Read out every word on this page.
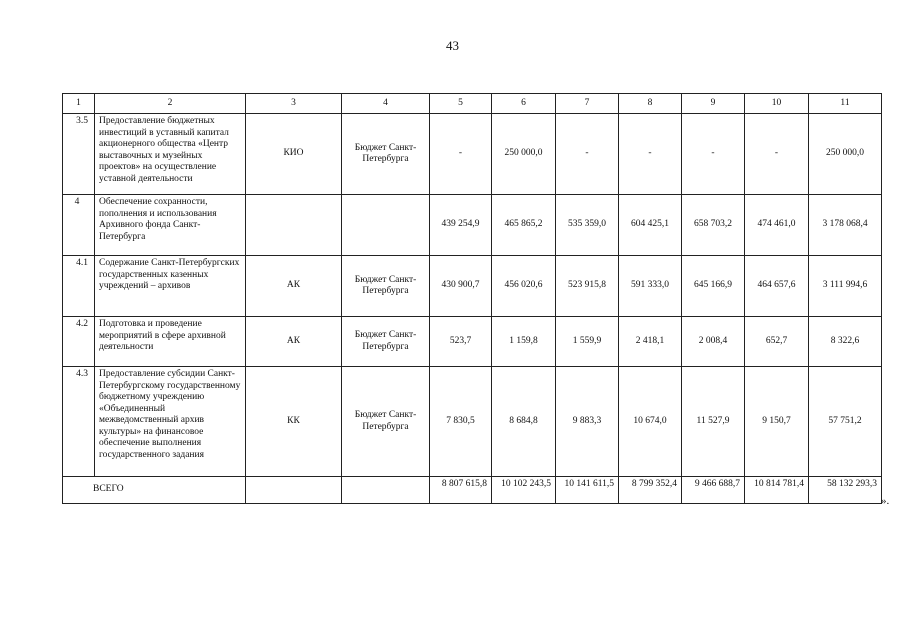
43
1	2	3	4	5	6	7	8	9	10	11
3.5	Предоставление бюджетных инвестиций в уставный капитал акционерного общества «Центр выставочных и музейных проектов» на осуществление уставной деятельности	КИО	Бюджет Санкт-Петербурга	-	250 000,0	-	-	-	-	250 000,0
4	Обеспечение сохранности, пополнения и использования Архивного фонда Санкт-Петербурга			439 254,9	465 865,2	535 359,0	604 425,1	658 703,2	474 461,0	3 178 068,4
4.1	Содержание Санкт-Петербургских государственных казенных учреждений – архивов	АК	Бюджет Санкт-Петербурга	430 900,7	456 020,6	523 915,8	591 333,0	645 166,9	464 657,6	3 111 994,6
4.2	Подготовка и проведение мероприятий в сфере архивной деятельности	АК	Бюджет Санкт-Петербурга	523,7	1 159,8	1 559,9	2 418,1	2 008,4	652,7	8 322,6
4.3	Предоставление субсидии Санкт-Петербургскому государственному бюджетному учреждению «Объединенный межведомственный архив культуры» на финансовое обеспечение выполнения государственного задания	КК	Бюджет Санкт-Петербурга	7 830,5	8 684,8	9 883,3	10 674,0	11 527,9	9 150,7	57 751,2
ВСЕГО				8 807 615,8	10 102 243,5	10 141 611,5	8 799 352,4	9 466 688,7	10 814 781,4	58 132 293,3
».
